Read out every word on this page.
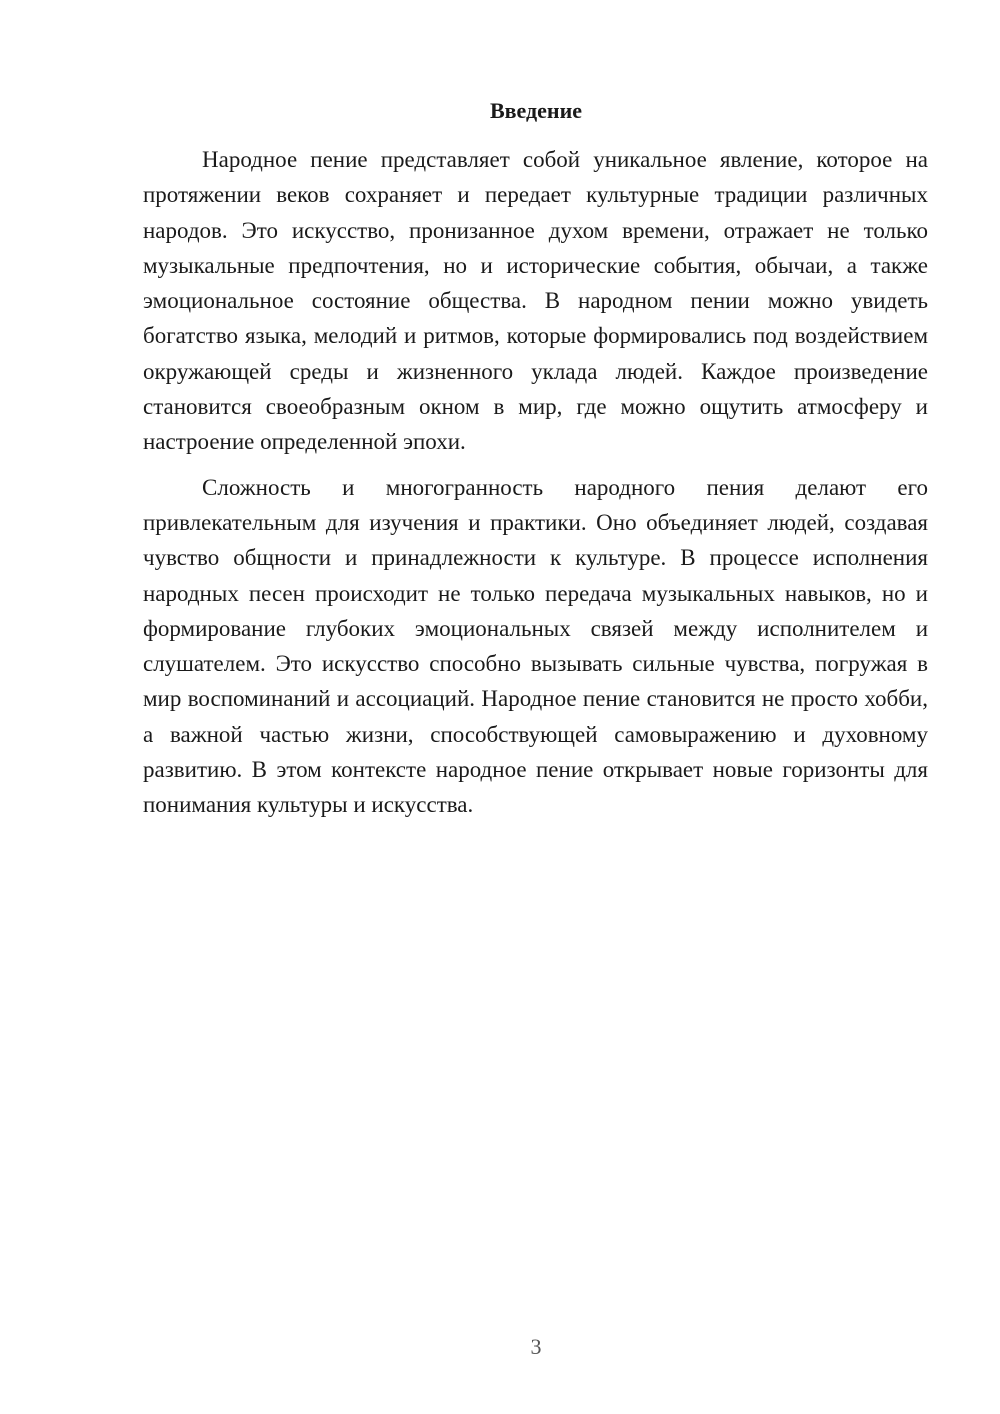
Введение

Народное пение представляет собой уникальное явление, которое на протяжении веков сохраняет и передает культурные традиции различных народов. Это искусство, пронизанное духом времени, отражает не только музыкальные предпочтения, но и исторические события, обычаи, а также эмоциональное состояние общества. В народном пении можно увидеть богатство языка, мелодий и ритмов, которые формировались под воздействием окружающей среды и жизненного уклада людей. Каждое произведение становится своеобразным окном в мир, где можно ощутить атмосферу и настроение определенной эпохи.

Сложность и многогранность народного пения делают его привлекательным для изучения и практики. Оно объединяет людей, создавая чувство общности и принадлежности к культуре. В процессе исполнения народных песен происходит не только передача музыкальных навыков, но и формирование глубоких эмоциональных связей между исполнителем и слушателем. Это искусство способно вызывать сильные чувства, погружая в мир воспоминаний и ассоциаций. Народное пение становится не просто хобби, а важной частью жизни, способствующей самовыражению и духовному развитию. В этом контексте народное пение открывает новые горизонты для понимания культуры и искусства.

3
